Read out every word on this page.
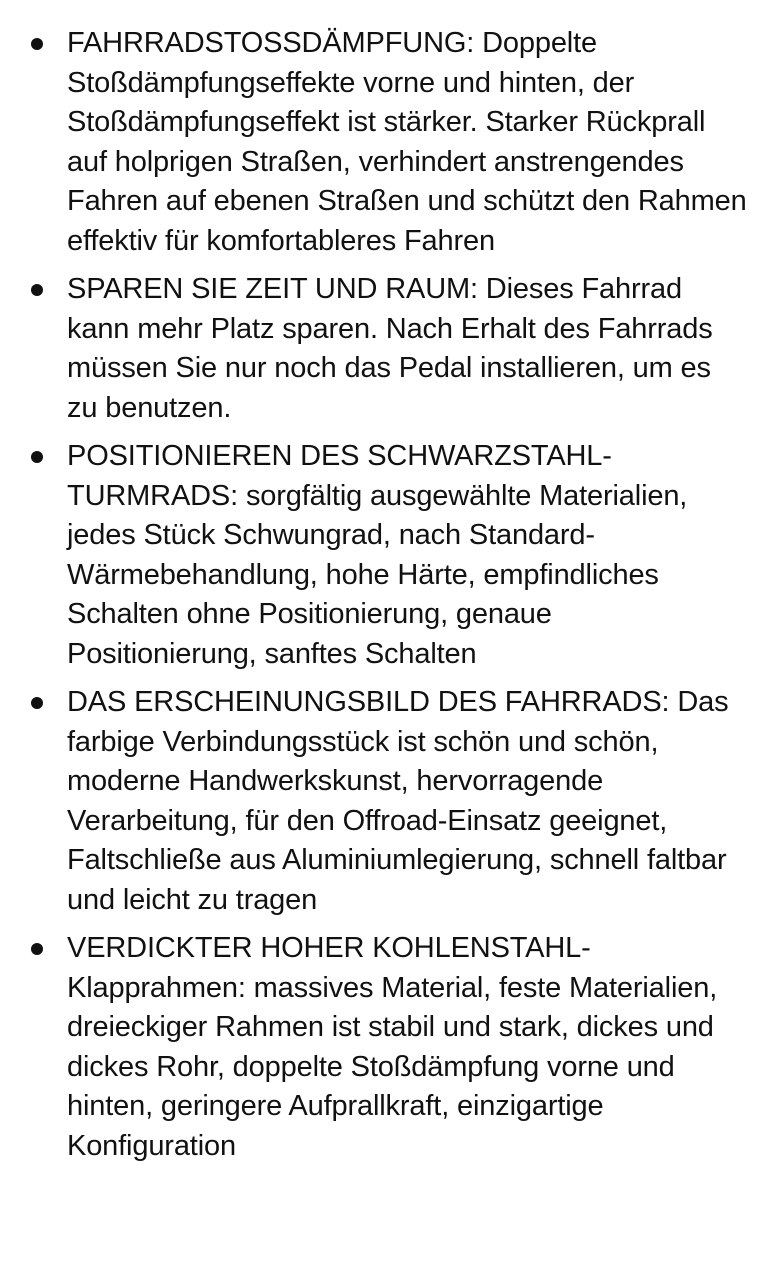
FAHRRADSTOSSDÄMPFUNG: Doppelte Stoßdämpfungseffekte vorne und hinten, der Stoßdämpfungseffekt ist stärker. Starker Rückprall auf holprigen Straßen, verhindert anstrengendes Fahren auf ebenen Straßen und schützt den Rahmen effektiv für komfortableres Fahren
SPAREN SIE ZEIT UND RAUM: Dieses Fahrrad kann mehr Platz sparen. Nach Erhalt des Fahrrads müssen Sie nur noch das Pedal installieren, um es zu benutzen.
POSITIONIEREN DES SCHWARZSTAHL-TURMRADS: sorgfältig ausgewählte Materialien, jedes Stück Schwungrad, nach Standard-Wärmebehandlung, hohe Härte, empfindliches Schalten ohne Positionierung, genaue Positionierung, sanftes Schalten
DAS ERSCHEINUNGSBILD DES FAHRRADS: Das farbige Verbindungsstück ist schön und schön, moderne Handwerkskunst, hervorragende Verarbeitung, für den Offroad-Einsatz geeignet, Faltschließe aus Aluminiumlegierung, schnell faltbar und leicht zu tragen
VERDICKTER HOHER KOHLENSTAHL-Klapprahmen: massives Material, feste Materialien, dreieckiger Rahmen ist stabil und stark, dickes und dickes Rohr, doppelte Stoßdämpfung vorne und hinten, geringere Aufprallkraft, einzigartige Konfiguration
